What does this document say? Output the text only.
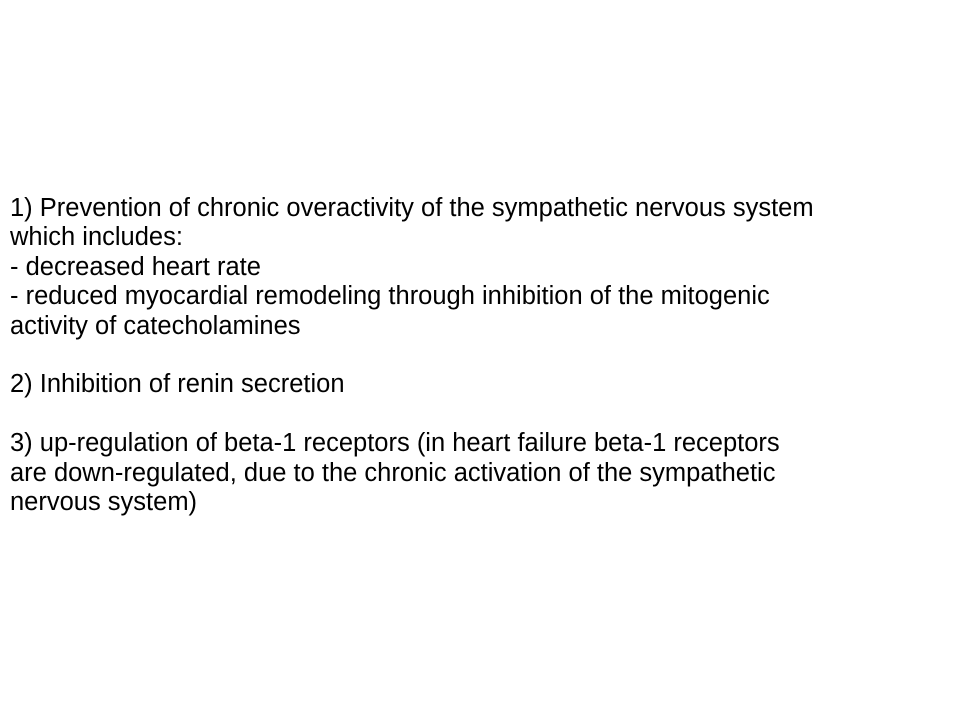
1) Prevention of chronic overactivity of the sympathetic nervous system
which includes:
- decreased heart rate
- reduced myocardial remodeling through inhibition of the mitogenic
activity of catecholamines
2) Inhibition of renin secretion
3) up-regulation of beta-1 receptors (in heart failure beta-1 receptors
are down-regulated, due to the chronic activation of the sympathetic
nervous system)
